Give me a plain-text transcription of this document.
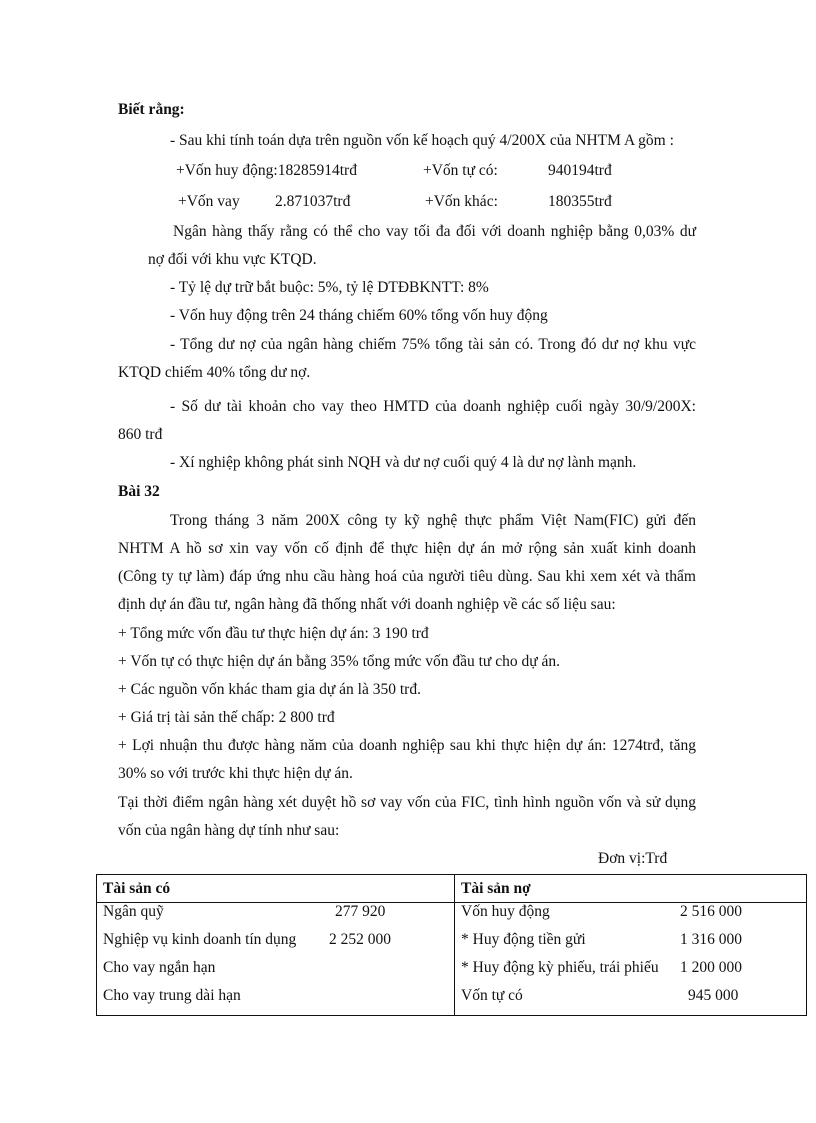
Biết rằng:
- Sau khi tính toán dựa trên nguồn vốn kế hoạch quý 4/200X của NHTM A gồm :
+Vốn huy động:18285914trđ	+Vốn tự có:	940194trđ
+Vốn vay 2.871037trđ	+Vốn khác:	180355trđ
Ngân hàng thấy rằng có thể cho vay tối đa đối với doanh nghiệp bằng 0,03% dư
nợ đối với khu vực KTQD.
- Tỷ lệ dự trữ bắt buộc: 5%, tỷ lệ DTĐBKNTT: 8%
- Vốn huy động trên 24 tháng chiếm 60% tổng vốn huy động
- Tổng dư nợ của ngân hàng chiếm 75% tổng tài sản có. Trong đó dư nợ khu vực
KTQD chiếm 40% tổng dư nợ.
- Số dư tài khoản cho vay theo HMTD của doanh nghiệp cuối ngày 30/9/200X:
860 trđ
- Xí nghiệp không phát sinh NQH và dư nợ cuối quý 4 là dư nợ lành mạnh.
Bài 32
Trong tháng 3 năm 200X công ty kỹ nghệ thực phẩm Việt Nam(FIC) gửi đến
NHTM A hồ sơ xin vay vốn cố định để thực hiện dự án mở rộng sản xuất kinh doanh
(Công ty tự làm) đáp ứng nhu cầu hàng hoá của người tiêu dùng. Sau khi xem xét và thẩm
định dự án đầu tư, ngân hàng đã thống nhất với doanh nghiệp về các số liệu sau:
+ Tổng mức vốn đầu tư thực hiện dự án: 3 190 trđ
+ Vốn tự có thực hiện dự án bằng 35% tổng mức vốn đầu tư cho dự án.
+ Các nguồn vốn khác tham gia dự án là 350 trđ.
+ Giá trị tài sản thế chấp: 2 800 trđ
+ Lợi nhuận thu được hàng năm của doanh nghiệp sau khi thực hiện dự án: 1274trđ, tăng
30% so với trước khi thực hiện dự án.
Tại thời điểm ngân hàng xét duyệt hồ sơ vay vốn của FIC, tình hình nguồn vốn và sử dụng
vốn của ngân hàng dự tính như sau:
Đơn vị:Trđ
Tài sản có	Tài sản nợ

Ngân quỹ 277 920	Vốn huy động 2 516 000

Nghiệp vụ kinh doanh tín dụng 2 252 000	* Huy động tiền gửi 1 316 000

Cho vay ngắn hạn	* Huy động kỳ phiếu, trái phiếu 1 200 000

Cho vay trung dài hạn	Vốn tự có 945 000
